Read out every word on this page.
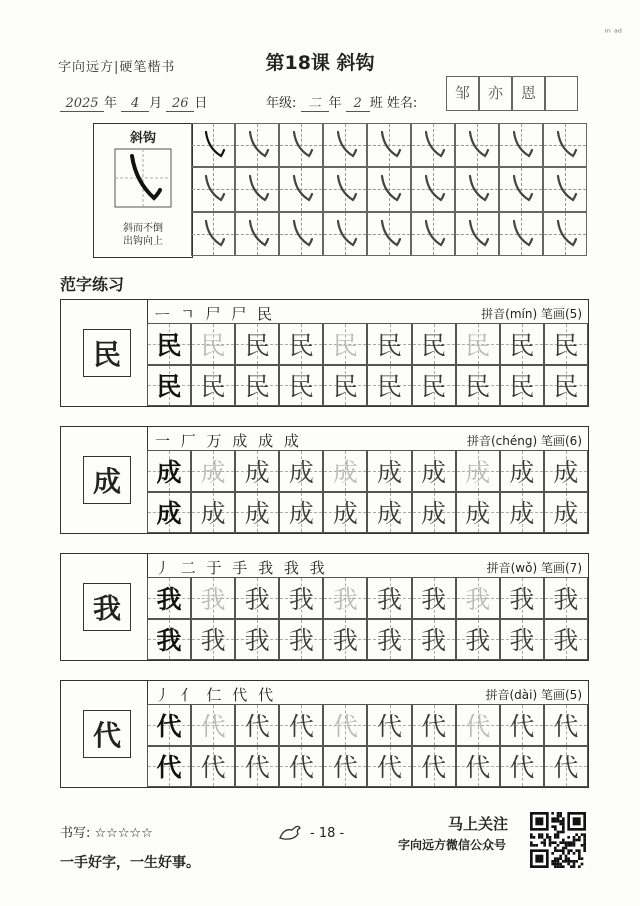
字向远方|硬笔楷书	第18课 斜钩
ᵐ ᵃᵈ
2025 年 4 月 26 日	年级: 二 年 2 班 姓名:
邹	亦	恩
斜钩
斜而不倒
出钩向上
范字练习
民
ᅳ ㄱ 尸 尸 民	拼音(mín) 笔画(5)
民 民 民 民 民 民 民 民 民 民
民 民 民 民 民 民 民 民 民 民
成
一 厂 万 成 成 成	拼音(chéng) 笔画(6)
成 成 成 成 成 成 成 成 成 成
成 成 成 成 成 成 成 成 成 成
我
丿 二 于 手 我 我 我	拼音(wǒ) 笔画(7)
我 我 我 我 我 我 我 我 我 我
我 我 我 我 我 我 我 我 我 我
代
丿 亻 仁 代 代	拼音(dài) 笔画(5)
代 代 代 代 代 代 代 代 代 代
代 代 代 代 代 代 代 代 代 代
书写: ☆☆☆☆☆	- 18 -
马上关注
字向远方微信公众号
一手好字，一生好事。
